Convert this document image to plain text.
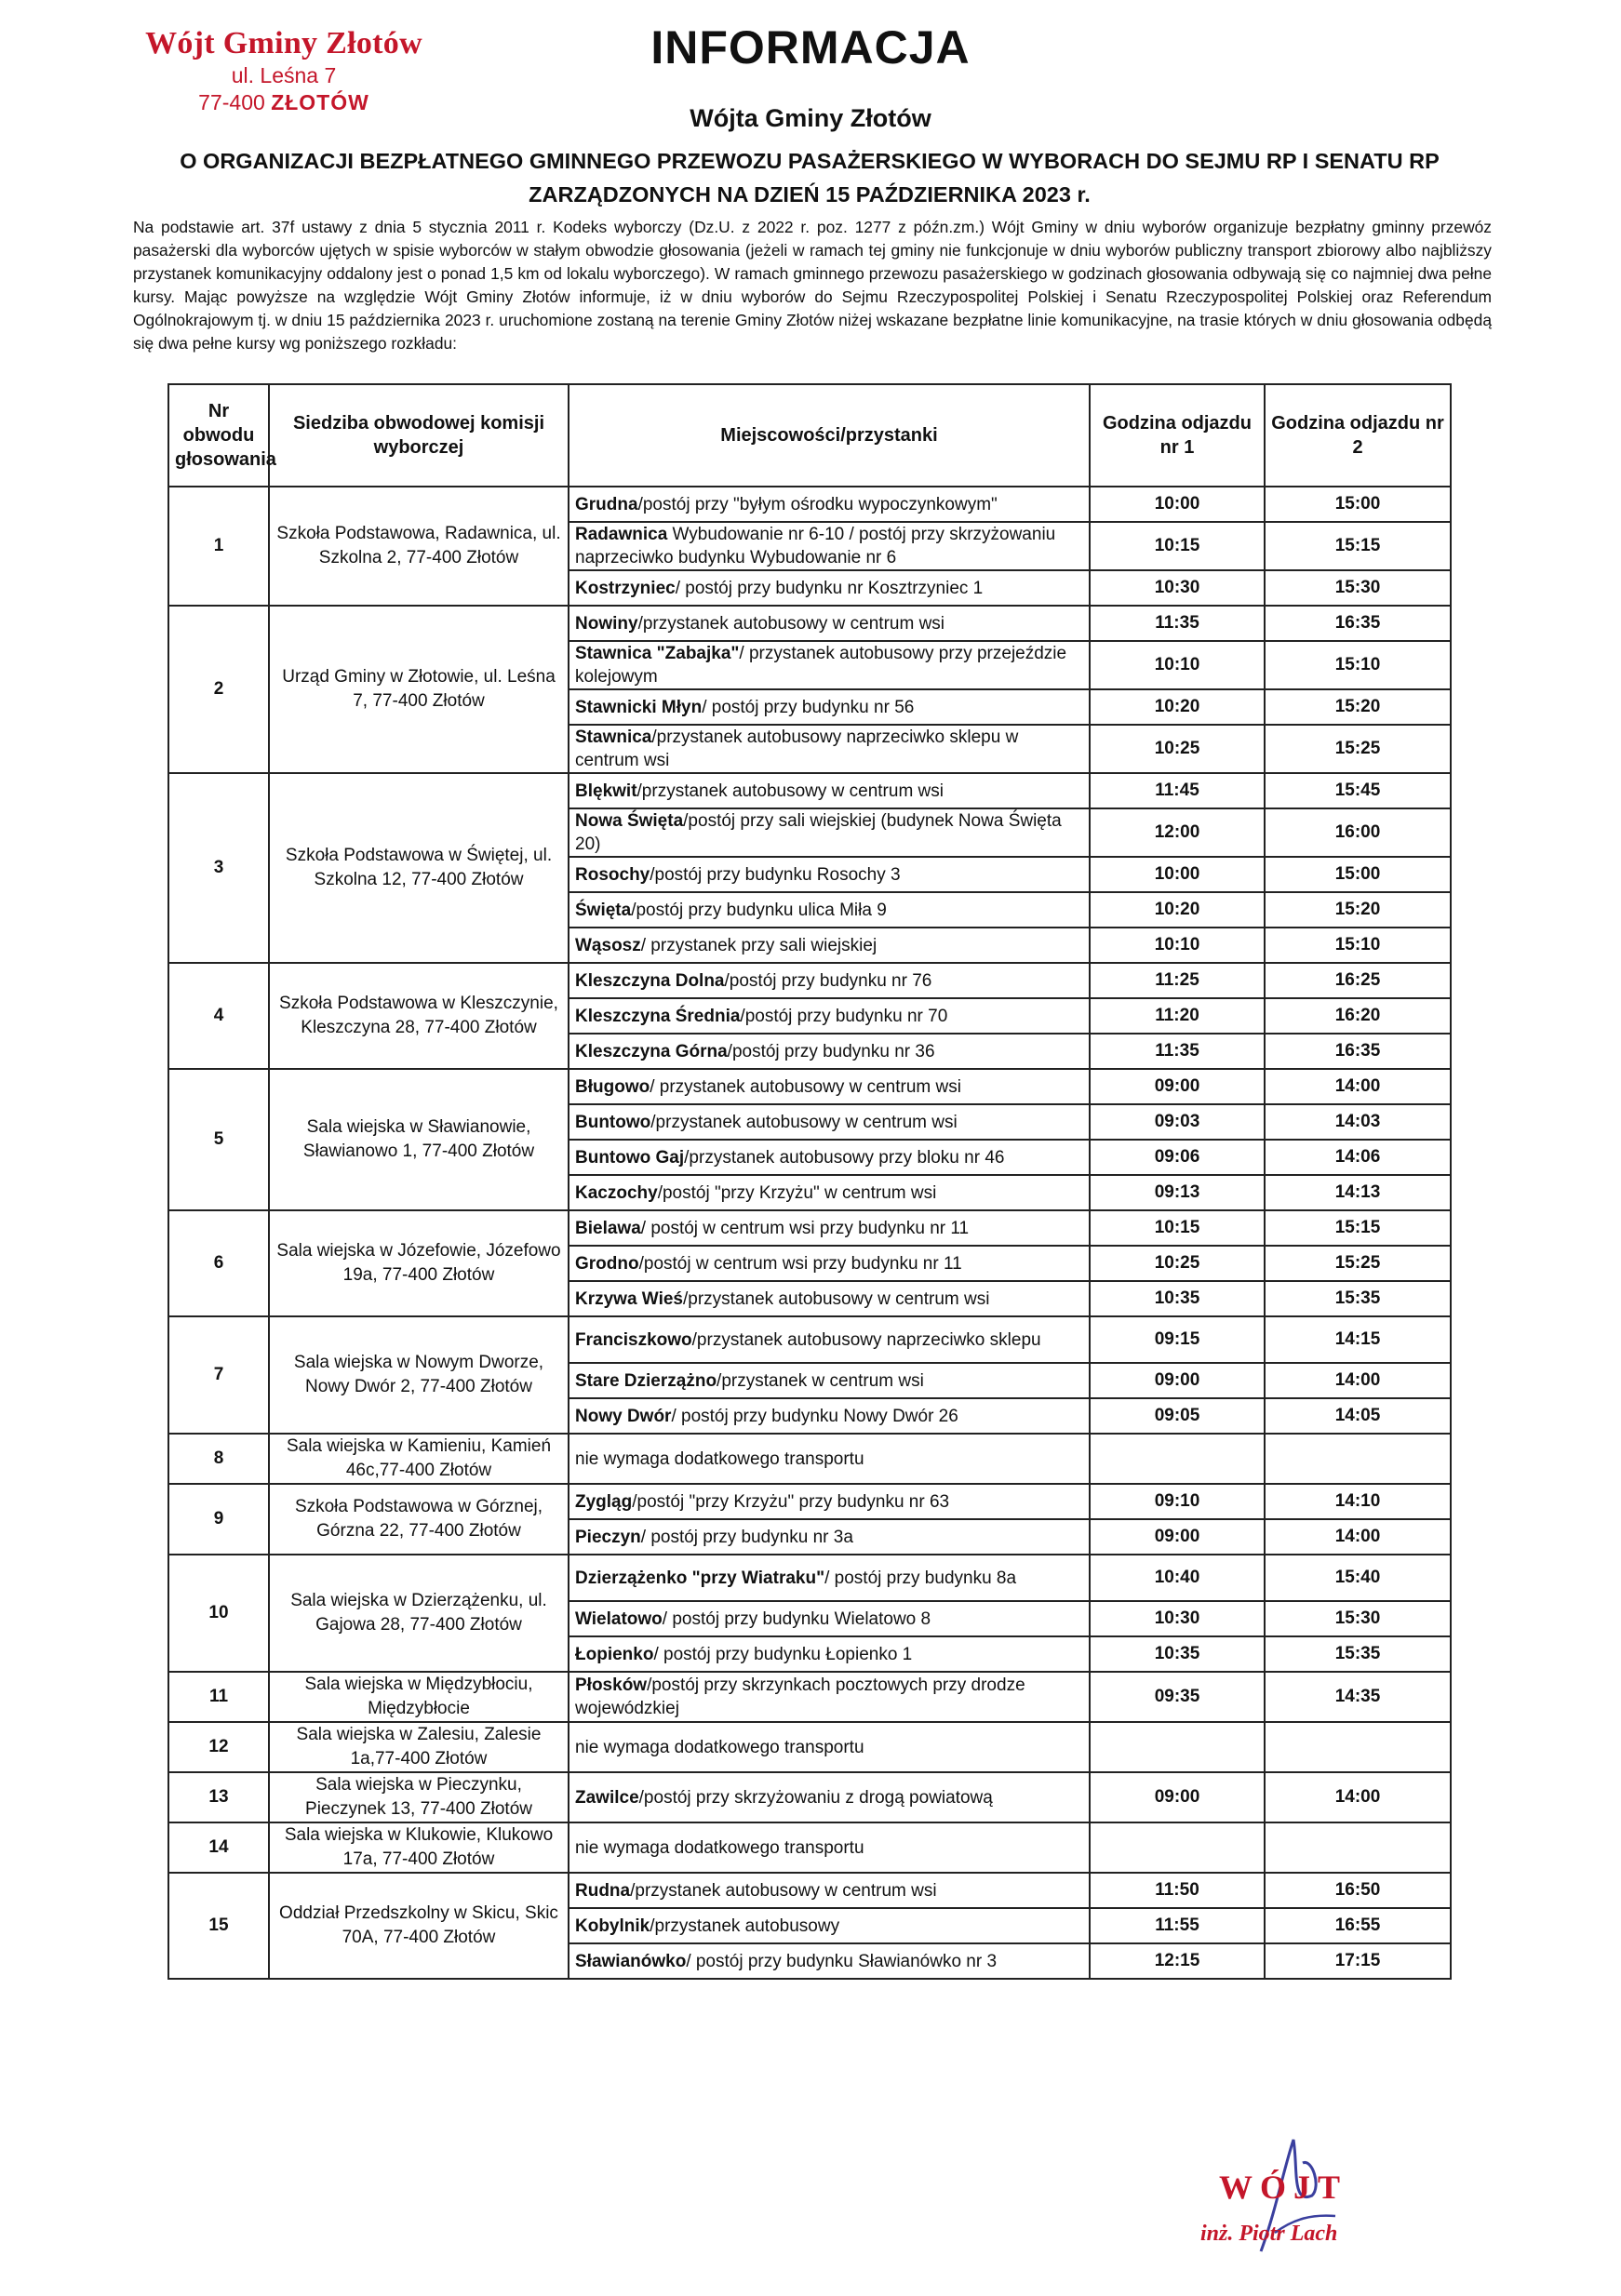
Wójt Gminy Złotów
ul. Leśna 7
77-400 ZŁOTÓW
INFORMACJA
Wójta Gminy Złotów
O ORGANIZACJI BEZPŁATNEGO GMINNEGO PRZEWOZU PASAŻERSKIEGO W WYBORACH DO SEJMU RP I SENATU RP ZARZĄDZONYCH NA DZIEŃ 15 PAŹDZIERNIKA 2023 r.
Na podstawie art. 37f ustawy z dnia 5 stycznia 2011 r. Kodeks wyborczy (Dz.U. z 2022 r. poz. 1277 z późn.zm.) Wójt Gminy w dniu wyborów organizuje bezpłatny gminny przewóz pasażerski dla wyborców ujętych w spisie wyborców w stałym obwodzie głosowania (jeżeli w ramach tej gminy nie funkcjonuje w dniu wyborów publiczny transport zbiorowy albo najbliższy przystanek komunikacyjny oddalony jest o ponad 1,5 km od lokalu wyborczego). W ramach gminnego przewozu pasażerskiego w godzinach głosowania odbywają się co najmniej dwa pełne kursy. Mając powyższe na względzie Wójt Gminy Złotów informuje, iż w dniu wyborów do Sejmu Rzeczypospolitej Polskiej i Senatu Rzeczypospolitej Polskiej oraz Referendum Ogólnokrajowym tj. w dniu 15 października 2023 r. uruchomione zostaną na terenie Gminy Złotów niżej wskazane bezpłatne linie komunikacyjne, na trasie których w dniu głosowania odbędą się dwa pełne kursy wg poniższego rozkładu:
Nr obwodu głosowania	Siedziba obwodowej komisji wyborczej	Miejscowości/przystanki	Godzina odjazdu nr 1	Godzina odjazdu nr 2
1	Szkoła Podstawowa, Radawnica, ul. Szkolna 2, 77-400 Złotów	Grudna/postój przy "byłym ośrodku wypoczynkowym"	10:00	15:00
		Radawnica Wybudowanie nr 6-10 / postój przy skrzyżowaniu naprzeciwko budynku Wybudowanie nr 6	10:15	15:15
		Kostrzyniec/ postój przy budynku nr Kosztrzyniec 1	10:30	15:30
2	Urząd Gminy w Złotowie, ul. Leśna 7, 77-400 Złotów	Nowiny/przystanek autobusowy w centrum wsi	11:35	16:35
		Stawnica "Zabajka"/ przystanek autobusowy przy przejeździe kolejowym	10:10	15:10
		Stawnicki Młyn/ postój przy budynku nr 56	10:20	15:20
		Stawnica/przystanek autobusowy naprzeciwko sklepu w centrum wsi	10:25	15:25
3	Szkoła Podstawowa w Świętej, ul. Szkolna 12, 77-400 Złotów	Blękwit/przystanek autobusowy w centrum wsi	11:45	15:45
		Nowa Święta/postój przy sali wiejskiej (budynek Nowa Święta 20)	12:00	16:00
		Rosochy/postój przy budynku Rosochy 3	10:00	15:00
		Święta/postój przy budynku ulica Miła 9	10:20	15:20
		Wąsosz/ przystanek przy sali wiejskiej	10:10	15:10
4	Szkoła Podstawowa w Kleszczynie, Kleszczyna 28, 77-400 Złotów	Kleszczyna Dolna/postój przy budynku nr 76	11:25	16:25
		Kleszczyna Średnia/postój przy budynku nr 70	11:20	16:20
		Kleszczyna Górna/postój przy budynku nr 36	11:35	16:35
5	Sala wiejska w Sławianowie, Sławianowo 1, 77-400 Złotów	Bługowo/ przystanek autobusowy w centrum wsi	09:00	14:00
		Buntowo/przystanek autobusowy w centrum wsi	09:03	14:03
		Buntowo Gaj/przystanek autobusowy przy bloku nr 46	09:06	14:06
		Kaczochy/postój "przy Krzyżu" w centrum wsi	09:13	14:13
6	Sala wiejska w Józefowie, Józefowo 19a, 77-400 Złotów	Bielawa/ postój w centrum wsi przy budynku nr 11	10:15	15:15
		Grodno/postój w centrum wsi przy budynku nr 11	10:25	15:25
		Krzywa Wieś/przystanek autobusowy w centrum wsi	10:35	15:35
7	Sala wiejska w Nowym Dworze, Nowy Dwór 2, 77-400 Złotów	Franciszkowo/przystanek autobusowy naprzeciwko sklepu	09:15	14:15
		Stare Dzierzążno/przystanek w centrum wsi	09:00	14:00
		Nowy Dwór/ postój przy budynku Nowy Dwór 26	09:05	14:05
8	Sala wiejska w Kamieniu, Kamień 46c,77-400 Złotów	nie wymaga dodatkowego transportu		
9	Szkoła Podstawowa w Górznej, Górzna 22, 77-400 Złotów	Zygląg/postój "przy Krzyżu" przy budynku nr 63	09:10	14:10
		Pieczyn/ postój przy budynku nr 3a	09:00	14:00
10	Sala wiejska w Dzierzążenku, ul. Gajowa 28, 77-400 Złotów	Dzierzążenko "przy Wiatraku"/ postój przy budynku 8a	10:40	15:40
		Wielatowo/ postój przy budynku Wielatowo 8	10:30	15:30
		Łopienko/ postój przy budynku Łopienko 1	10:35	15:35
11	Sala wiejska w Międzybłociu, Międzybłocie	Płosków/postój przy skrzynkach pocztowych przy drodze wojewódzkiej	09:35	14:35
12	Sala wiejska w Zalesiu, Zalesie 1a,77-400 Złotów	nie wymaga dodatkowego transportu		
13	Sala wiejska w Pieczynku, Pieczynek 13, 77-400 Złotów	Zawilce/postój przy skrzyżowaniu z drogą powiatową	09:00	14:00
14	Sala wiejska w Klukowie, Klukowo 17a, 77-400 Złotów	nie wymaga dodatkowego transportu		
15	Oddział Przedszkolny w Skicu, Skic 70A, 77-400 Złotów	Rudna/przystanek autobusowy w centrum wsi	11:50	16:50
		Kobylnik/przystanek autobusowy	11:55	16:55
		Sławianówko/ postój przy budynku Sławianówko nr 3	12:15	17:15
WÓJT
inż. Piotr Lach
